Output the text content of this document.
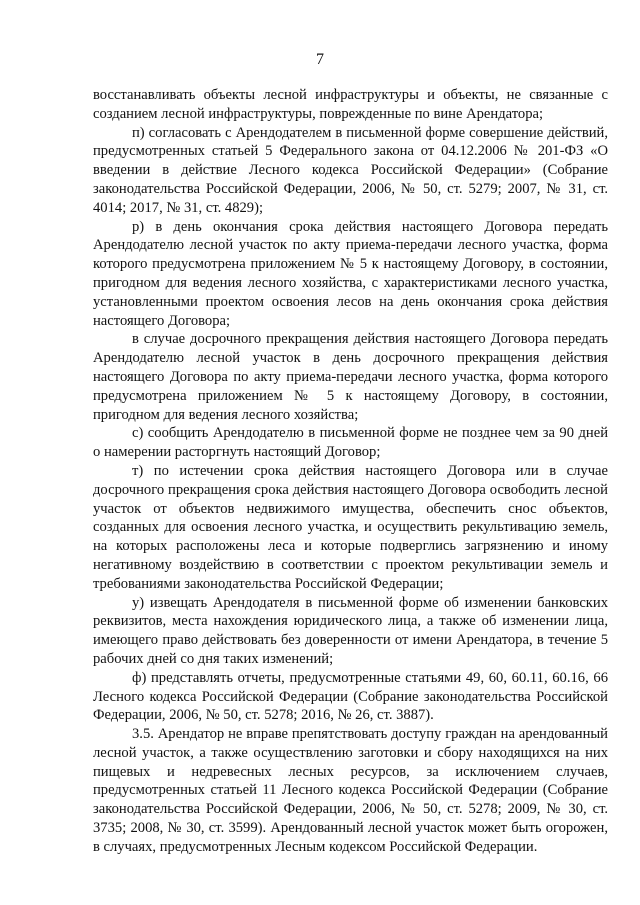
7

восстанавливать объекты лесной инфраструктуры и объекты, не связанные с созданием лесной инфраструктуры, поврежденные по вине Арендатора;

п) согласовать с Арендодателем в письменной форме совершение действий, предусмотренных статьей 5 Федерального закона от 04.12.2006 № 201-ФЗ «О введении в действие Лесного кодекса Российской Федерации» (Собрание законодательства Российской Федерации, 2006, № 50, ст. 5279; 2007, № 31, ст. 4014; 2017, № 31, ст. 4829);

р) в день окончания срока действия настоящего Договора передать Арендодателю лесной участок по акту приема-передачи лесного участка, форма которого предусмотрена приложением № 5 к настоящему Договору, в состоянии, пригодном для ведения лесного хозяйства, с характеристиками лесного участка, установленными проектом освоения лесов на день окончания срока действия настоящего Договора;

в случае досрочного прекращения действия настоящего Договора передать Арендодателю лесной участок в день досрочного прекращения действия настоящего Договора по акту приема-передачи лесного участка, форма которого предусмотрена приложением № 5 к настоящему Договору, в состоянии, пригодном для ведения лесного хозяйства;

с) сообщить Арендодателю в письменной форме не позднее чем за 90 дней о намерении расторгнуть настоящий Договор;

т) по истечении срока действия настоящего Договора или в случае досрочного прекращения срока действия настоящего Договора освободить лесной участок от объектов недвижимого имущества, обеспечить снос объектов, созданных для освоения лесного участка, и осуществить рекультивацию земель, на которых расположены леса и которые подверглись загрязнению и иному негативному воздействию в соответствии с проектом рекультивации земель и требованиями законодательства Российской Федерации;

у) извещать Арендодателя в письменной форме об изменении банковских реквизитов, места нахождения юридического лица, а также об изменении лица, имеющего право действовать без доверенности от имени Арендатора, в течение 5 рабочих дней со дня таких изменений;

ф) представлять отчеты, предусмотренные статьями 49, 60, 60.11, 60.16, 66 Лесного кодекса Российской Федерации (Собрание законодательства Российской Федерации, 2006, № 50, ст. 5278; 2016, № 26, ст. 3887).

3.5. Арендатор не вправе препятствовать доступу граждан на арендованный лесной участок, а также осуществлению заготовки и сбору находящихся на них пищевых и недревесных лесных ресурсов, за исключением случаев, предусмотренных статьей 11 Лесного кодекса Российской Федерации (Собрание законодательства Российской Федерации, 2006, № 50, ст. 5278; 2009, № 30, ст. 3735; 2008, № 30, ст. 3599). Арендованный лесной участок может быть огорожен, в случаях, предусмотренных Лесным кодексом Российской Федерации.
